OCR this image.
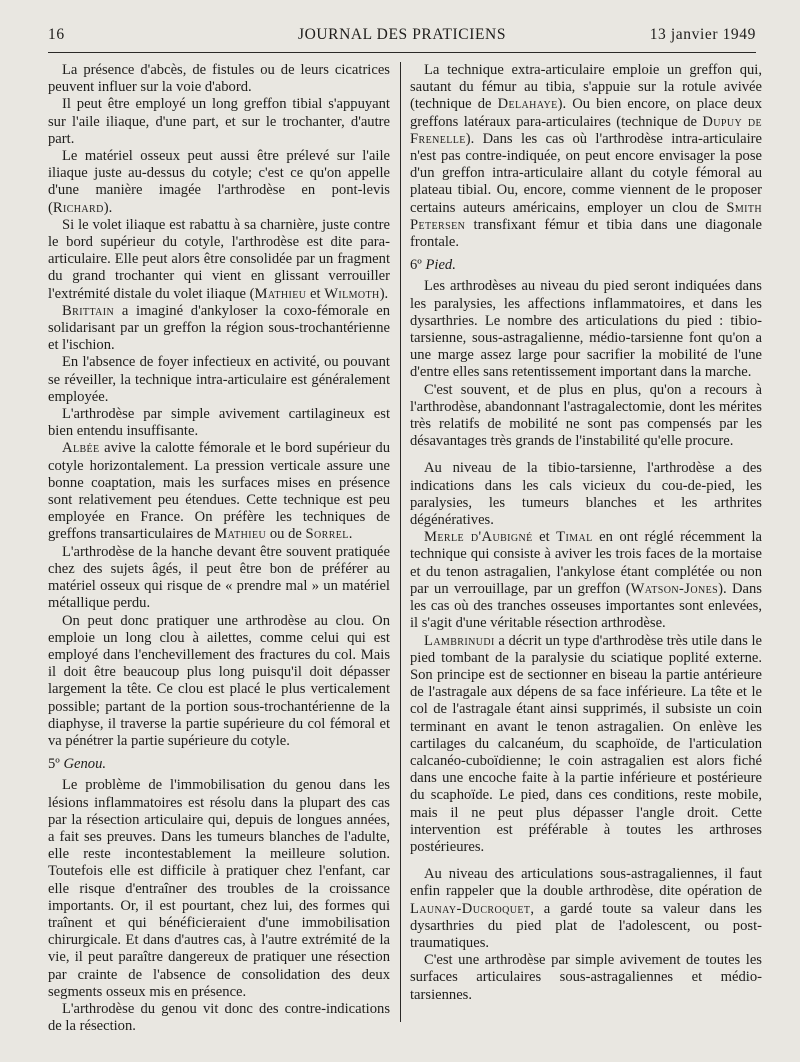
16	JOURNAL DES PRATICIENS	13 janvier 1949

La présence d'abcès, de fistules ou de leurs cicatrices peuvent influer sur la voie d'abord.

Il peut être employé un long greffon tibial s'appuyant sur l'aile iliaque, d'une part, et sur le trochanter, d'autre part.

Le matériel osseux peut aussi être prélevé sur l'aile iliaque juste au-dessus du cotyle; c'est ce qu'on appelle d'une manière imagée l'arthrodèse en pont-levis (Richard).

Si le volet iliaque est rabattu à sa charnière, juste contre le bord supérieur du cotyle, l'arthrodèse est dite para-articulaire. Elle peut alors être consolidée par un fragment du grand trochanter qui vient en glissant verrouiller l'extrémité distale du volet iliaque (Mathieu et Wilmoth).

Brittain a imaginé d'ankyloser la coxo-fémorale en solidarisant par un greffon la région sous-trochantérienne et l'ischion.

En l'absence de foyer infectieux en activité, ou pouvant se réveiller, la technique intra-articulaire est généralement employée.

L'arthrodèse par simple avivement cartilagineux est bien entendu insuffisante.

Albée avive la calotte fémorale et le bord supérieur du cotyle horizontalement. La pression verticale assure une bonne coaptation, mais les surfaces mises en présence sont relativement peu étendues. Cette technique est peu employée en France. On préfère les techniques de greffons transarticulaires de Mathieu ou de Sorrel.

L'arthrodèse de la hanche devant être souvent pratiquée chez des sujets âgés, il peut être bon de préférer au matériel osseux qui risque de « prendre mal » un matériel métallique perdu.

On peut donc pratiquer une arthrodèse au clou. On emploie un long clou à ailettes, comme celui qui est employé dans l'enchevillement des fractures du col. Mais il doit être beaucoup plus long puisqu'il doit dépasser largement la tête. Ce clou est placé le plus verticalement possible; partant de la portion sous-trochantérienne de la diaphyse, il traverse la partie supérieure du col fémoral et va pénétrer la partie supérieure du cotyle.

5º Genou.

Le problème de l'immobilisation du genou dans les lésions inflammatoires est résolu dans la plupart des cas par la résection articulaire qui, depuis de longues années, a fait ses preuves. Dans les tumeurs blanches de l'adulte, elle reste incontestablement la meilleure solution. Toutefois elle est difficile à pratiquer chez l'enfant, car elle risque d'entraîner des troubles de la croissance importants. Or, il est pourtant, chez lui, des formes qui traînent et qui bénéficieraient d'une immobilisation chirurgicale. Et dans d'autres cas, à l'autre extrémité de la vie, il peut paraître dangereux de pratiquer une résection par crainte de l'absence de consolidation des deux segments osseux mis en présence.

L'arthrodèse du genou vit donc des contre-indications de la résection.

La technique extra-articulaire emploie un greffon qui, sautant du fémur au tibia, s'appuie sur la rotule avivée (technique de Delahaye). Ou bien encore, on place deux greffons latéraux para-articulaires (technique de Dupuy de Frenelle). Dans les cas où l'arthrodèse intra-articulaire n'est pas contre-indiquée, on peut encore envisager la pose d'un greffon intra-articulaire allant du cotyle fémoral au plateau tibial. Ou, encore, comme viennent de le proposer certains auteurs américains, employer un clou de Smith Petersen transfixant fémur et tibia dans une diagonale frontale.

6º Pied.

Les arthrodèses au niveau du pied seront indiquées dans les paralysies, les affections inflammatoires, et dans les dysarthries. Le nombre des articulations du pied : tibio-tarsienne, sous-astragalienne, médio-tarsienne font qu'on a une marge assez large pour sacrifier la mobilité de l'une d'entre elles sans retentissement important dans la marche.

C'est souvent, et de plus en plus, qu'on a recours à l'arthrodèse, abandonnant l'astragalectomie, dont les mérites très relatifs de mobilité ne sont pas compensés par les désavantages très grands de l'instabilité qu'elle procure.

Au niveau de la tibio-tarsienne, l'arthrodèse a des indications dans les cals vicieux du cou-de-pied, les paralysies, les tumeurs blanches et les arthrites dégénératives.

Merle d'Aubigné et Timal en ont réglé récemment la technique qui consiste à aviver les trois faces de la mortaise et du tenon astragalien, l'ankylose étant complétée ou non par un verrouillage, par un greffon (Watson-Jones). Dans les cas où des tranches osseuses importantes sont enlevées, il s'agit d'une véritable résection arthrodèse.

Lambrinudi a décrit un type d'arthrodèse très utile dans le pied tombant de la paralysie du sciatique poplité externe. Son principe est de sectionner en biseau la partie antérieure de l'astragale aux dépens de sa face inférieure. La tête et le col de l'astragale étant ainsi supprimés, il subsiste un coin terminant en avant le tenon astragalien. On enlève les cartilages du calcanéum, du scaphoïde, de l'articulation calcanéo-cuboïdienne; le coin astragalien est alors fiché dans une encoche faite à la partie inférieure et postérieure du scaphoïde. Le pied, dans ces conditions, reste mobile, mais il ne peut plus dépasser l'angle droit. Cette intervention est préférable à toutes les arthroses postérieures.

Au niveau des articulations sous-astragaliennes, il faut enfin rappeler que la double arthrodèse, dite opération de Launay-Ducroquet, a gardé toute sa valeur dans les dysarthries du pied plat de l'adolescent, ou post-traumatiques.

C'est une arthrodèse par simple avivement de toutes les surfaces articulaires sous-astragaliennes et médio-tarsiennes.
